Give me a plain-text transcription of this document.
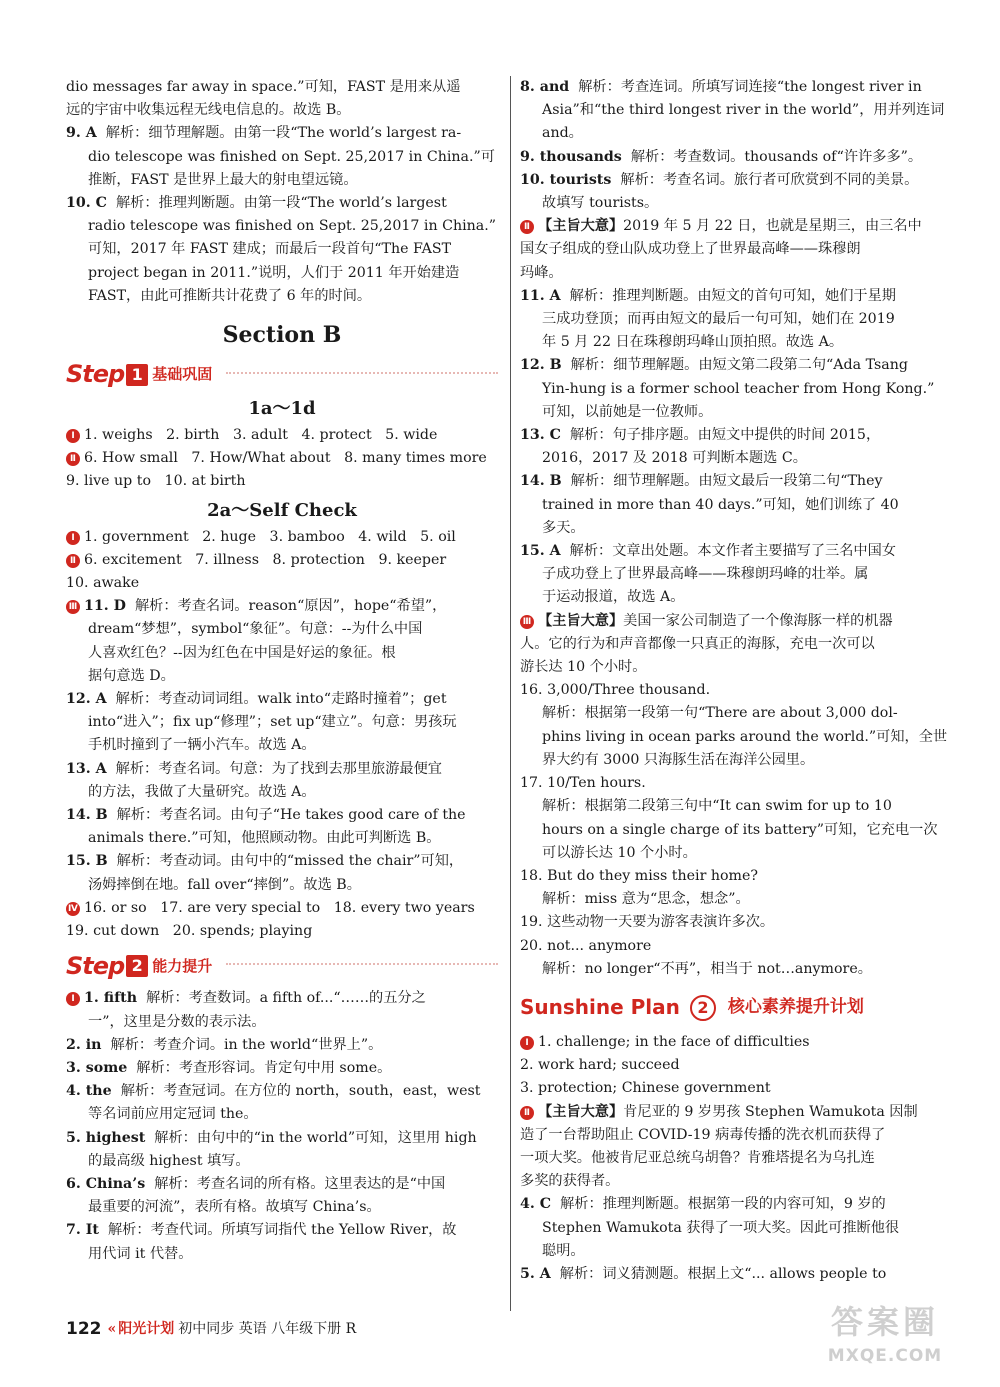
dio messages far away in space.”可知，FAST 是用来从遥
远的宇宙中收集远程无线电信息的。故选 B。
9. A 解析：细节理解题。由第一段“The world’s largest ra-
dio telescope was finished on Sept. 25,2017 in China.”可
推断，FAST 是世界上最大的射电望远镜。
10. C 解析：推理判断题。由第一段“The world’s largest
radio telescope was finished on Sept. 25,2017 in China.”
可知，2017 年 FAST 建成；而最后一段首句“The FAST
project began in 2011.”说明，人们于 2011 年开始建造
FAST，由此可推断共计花费了 6 年的时间。
Section B
Step 1 基础巩固
1a～1d
Ⅰ 1. weighs   2. birth   3. adult   4. protect   5. wide
Ⅱ 6. How small   7. How/What about   8. many times more
9. live up to   10. at birth
2a～Self Check
Ⅰ 1. government   2. huge   3. bamboo   4. wild   5. oil
Ⅱ 6. excitement   7. illness   8. protection   9. keeper
10. awake
Ⅲ 11. D 解析：考查名词。reason“原因”，hope“希望”，
dream“梦想”，symbol“象征”。句意：--为什么中国
人喜欢红色？--因为红色在中国是好运的象征。根
据句意选 D。
12. A 解析：考查动词词组。walk into“走路时撞着”；get
into“进入”；fix up“修理”；set up“建立”。句意：男孩玩
手机时撞到了一辆小汽车。故选 A。
13. A 解析：考查名词。句意：为了找到去那里旅游最便宜
的方法，我做了大量研究。故选 A。
14. B 解析：考查名词。由句子“He takes good care of the
animals there.”可知，他照顾动物。由此可判断选 B。
15. B 解析：考查动词。由句中的“missed the chair”可知，
汤姆摔倒在地。fall over“摔倒”。故选 B。
Ⅳ 16. or so   17. are very special to   18. every two years
19. cut down   20. spends; playing
Step 2 能力提升
Ⅰ 1. fifth 解析：考查数词。a fifth of...“……的五分之
一”，这里是分数的表示法。
2. in 解析：考查介词。in the world“世界上”。
3. some 解析：考查形容词。肯定句中用 some。
4. the 解析：考查冠词。在方位的 north，south，east，west
等名词前应用定冠词 the。
5. highest 解析：由句中的“in the world”可知，这里用 high
的最高级 highest 填写。
6. China’s 解析：考查名词的所有格。这里表达的是“中国
最重要的河流”，表所有格。故填写 China’s。
7. It 解析：考查代词。所填写词指代 the Yellow River，故
用代词 it 代替。
8. and 解析：考查连词。所填写词连接“the longest river in
Asia”和“the third longest river in the world”，用并列连词
and。
9. thousands 解析：考查数词。thousands of“许许多多”。
10. tourists 解析：考查名词。旅行者可欣赏到不同的美景。
故填写 tourists。
Ⅱ 【主旨大意】2019 年 5 月 22 日，也就是星期三，由三名中
国女子组成的登山队成功登上了世界最高峰——珠穆朗
玛峰。
11. A 解析：推理判断题。由短文的首句可知，她们于星期
三成功登顶；而再由短文的最后一句可知，她们在 2019
年 5 月 22 日在珠穆朗玛峰山顶拍照。故选 A。
12. B 解析：细节理解题。由短文第二段第二句“Ada Tsang
Yin-hung is a former school teacher from Hong Kong.”
可知，以前她是一位教师。
13. C 解析：句子排序题。由短文中提供的时间 2015，
2016，2017 及 2018 可判断本题选 C。
14. B 解析：细节理解题。由短文最后一段第二句“They
trained in more than 40 days.”可知，她们训练了 40
多天。
15. A 解析：文章出处题。本文作者主要描写了三名中国女
子成功登上了世界最高峰——珠穆朗玛峰的壮举。属
于运动报道，故选 A。
Ⅲ 【主旨大意】美国一家公司制造了一个像海豚一样的机器
人。它的行为和声音都像一只真正的海豚，充电一次可以
游长达 10 个小时。
16. 3,000/Three thousand.
解析：根据第一段第一句“There are about 3,000 dol-
phins living in ocean parks around the world.”可知，全世
界大约有 3000 只海豚生活在海洋公园里。
17. 10/Ten hours.
解析：根据第二段第三句中“It can swim for up to 10
hours on a single charge of its battery”可知，它充电一次
可以游长达 10 个小时。
18. But do they miss their home?
解析：miss 意为“思念，想念”。
19. 这些动物一天要为游客表演许多次。
20. not... anymore
解析：no longer“不再”，相当于 not…anymore。
Sunshine Plan	2	核心素养提升计划
Ⅰ 1. challenge; in the face of difficulties
2. work hard; succeed
3. protection; Chinese government
Ⅱ 【主旨大意】肯尼亚的 9 岁男孩 Stephen Wamukota 因制
造了一台帮助阻止 COVID-19 病毒传播的洗衣机而获得了
一项大奖。他被肯尼亚总统乌胡鲁？肯雅塔提名为乌扎连
多奖的获得者。
4. C 解析：推理判断题。根据第一段的内容可知，9 岁的
Stephen Wamukota 获得了一项大奖。因此可推断他很
聪明。
5. A 解析：词义猜测题。根据上文“... allows people to
122 « 阳光计划 初中同步 英语 八年级下册 R	答案圈
MXQE.COM
